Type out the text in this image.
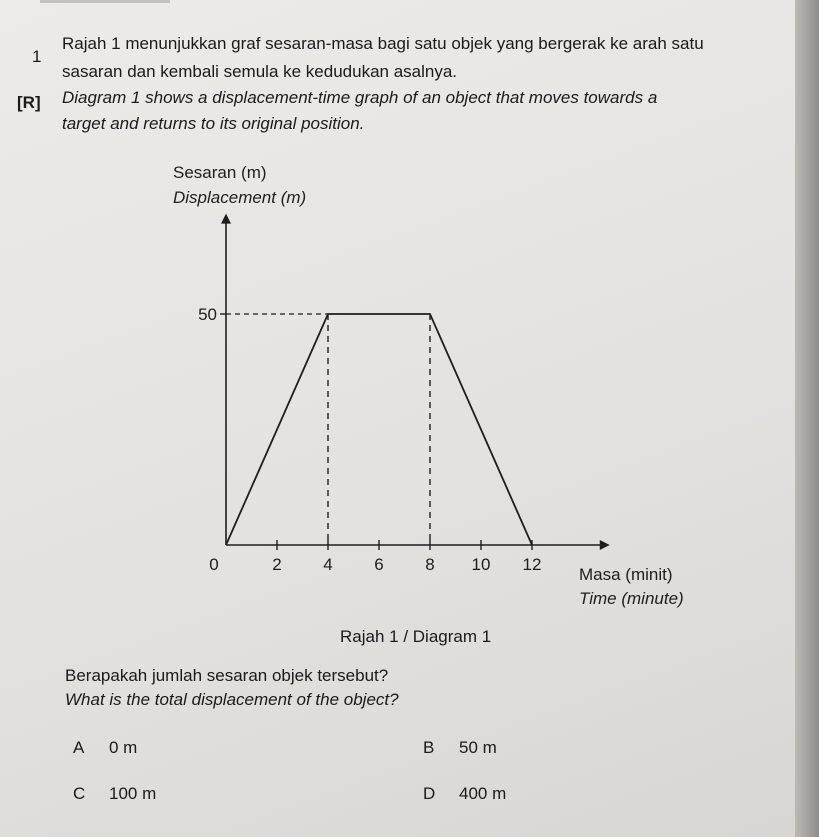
1
[R]
Rajah 1 menunjukkan graf sesaran-masa bagi satu objek yang bergerak ke arah satu
sasaran dan kembali semula ke kedudukan asalnya.
Diagram 1 shows a displacement-time graph of an object that moves towards a
target and returns to its original position.
0	2 4 6 8 10 12
50
Sesaran (m)
Displacement (m)
Masa (minit)
Time (minute)
Rajah 1 / Diagram 1
Berapakah jumlah sesaran objek tersebut?
What is the total displacement of the object?
A 0 m	B 50 m
C 100 m	D 400 m
